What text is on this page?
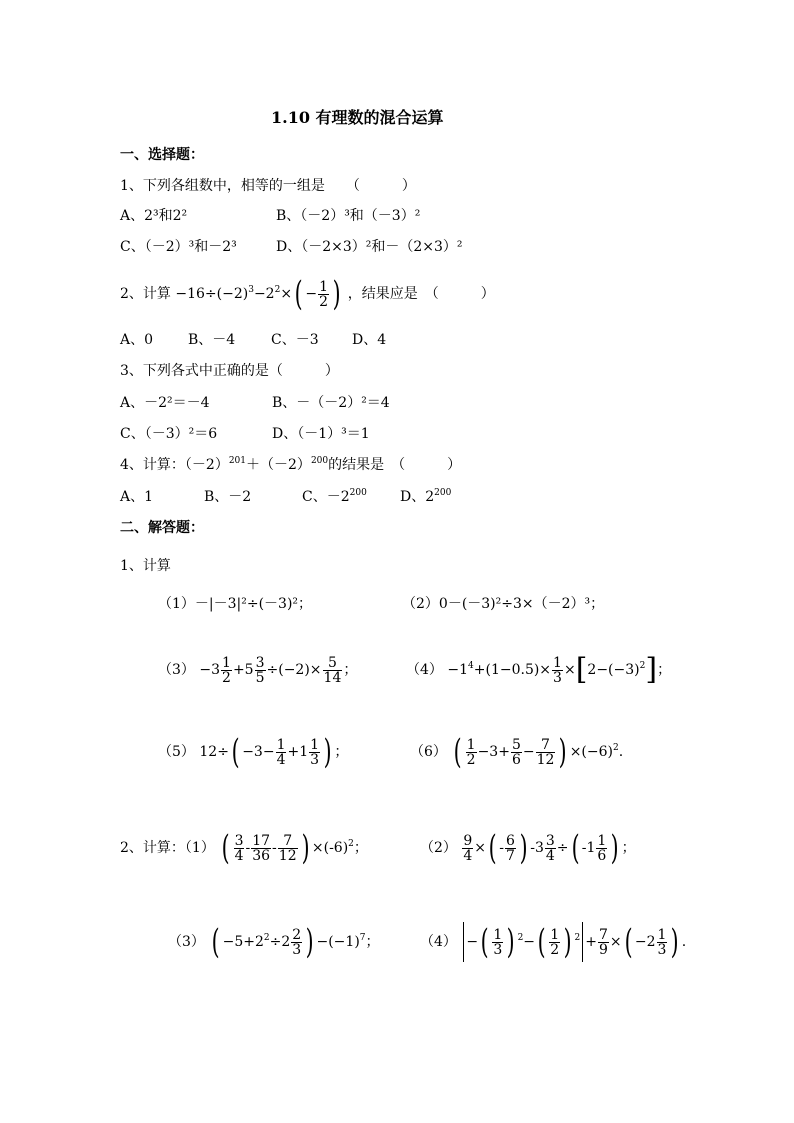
1.10 有理数的混合运算
一、选择题：
1、下列各组数中，相等的一组是　　（　　　）
A、2³和2²	B、（－2）³和（－3）²
C、（－2）³和－2³	D、（－2×3）²和－（2×3）²
2、计算 $-16\div(-2)^3-2^2\times( - \frac{1}{2}$ ) ，结果应是　（　　　）
A、0 B、－4	C、－3 D、4
3、下列各式中正确的是（　　　）
A、－2²＝－4	B、－（－2）²＝4
C、（－3）²＝6	D、（－1）³＝1
4、计算：$(-2)^{201}+(-2)^{200}$的结果是　（　　　）
A、1	B、－2	C、$-2^{200}$ D、$2^{200}$
二、解答题：
1、计算
（1）－|－3|²÷(－3)²；	（2）0－(－3)²÷3×（－2）³；
$(3) -3 \frac{1}{2} +5 \frac{3}{5} \div(-2)\times \frac{5}{14}$ ；	$(4) -1^4+(1-0.5)\times \frac{1}{3} \times[2-(-3)^2]$；
（5） $12\div( -3- \frac{1}{4} +1 \frac{1}{3}$ ) ；	（6） ( $\frac{1}{2} -3+ \frac{5}{6} - \frac{7}{12}$ ) $\times(-6)^2$.
2、计算：（1） ( $\frac{3}{4} - \frac{17}{36} - \frac{7}{12}$ ) $\times(-6)^2$；	$(2) \frac{9}{4}$ ×( - $\frac{6}{7}$ ) $-3 \frac{3}{4}$ ÷( $-1 \frac{1}{6}$ ) ；
（3） ( $-5+2^2\div 2 \frac{2}{3}$ ) $-(-1)^7$；	（4） −( $\frac{1}{3}$ ) $^2-( \frac{1}{2}$ ) $^2 + \frac{7}{9}$ ×( $-2 \frac{1}{3}$ ) .
